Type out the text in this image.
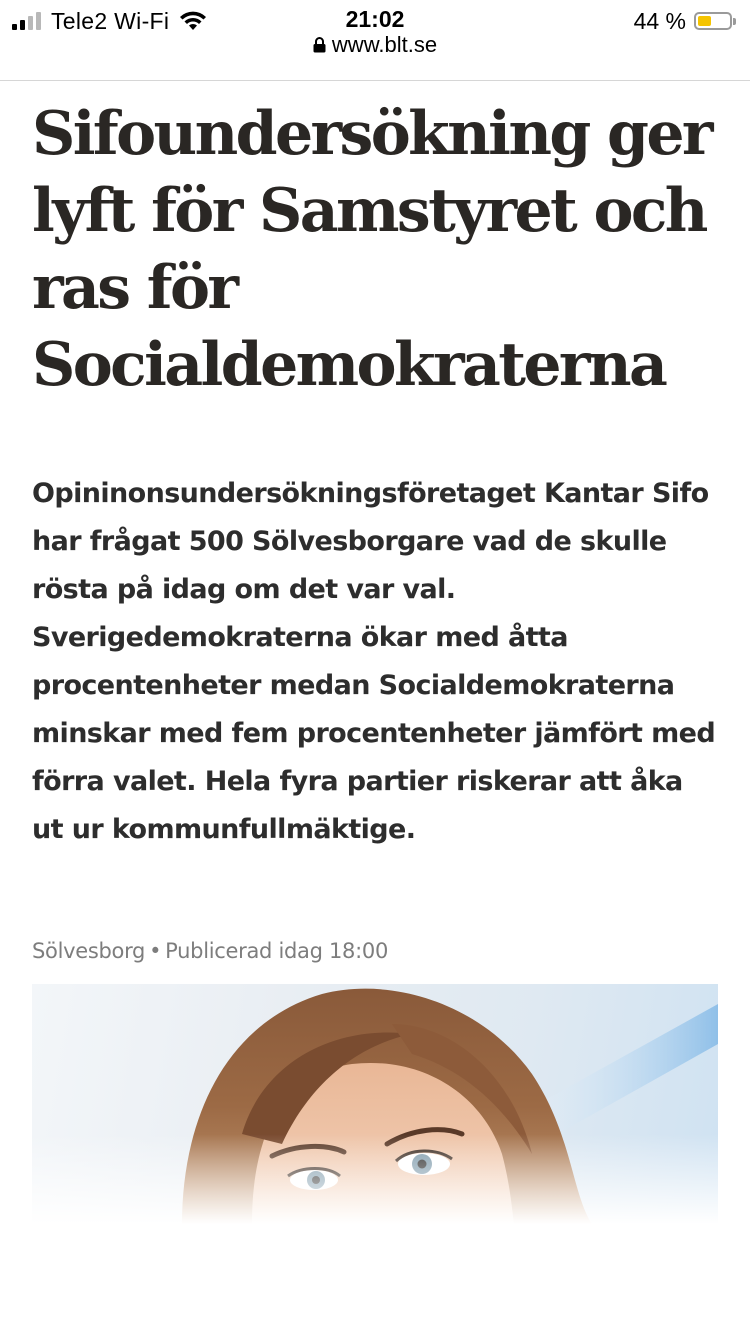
Tele2 Wi-Fi	21:02
www.blt.se
44 %
Sifoundersökning ger lyft för Samstyret och ras för Socialdemokraterna

Opininonsundersökningsföretaget Kantar Sifo har frågat 500 Sölvesborgare vad de skulle rösta på idag om det var val. Sverigedemokraterna ökar med åtta procentenheter medan Socialdemokraterna minskar med fem procentenheter jämfört med förra valet. Hela fyra partier riskerar att åka ut ur kommunfullmäktige.

Sölvesborg • Publicerad idag 18:00
